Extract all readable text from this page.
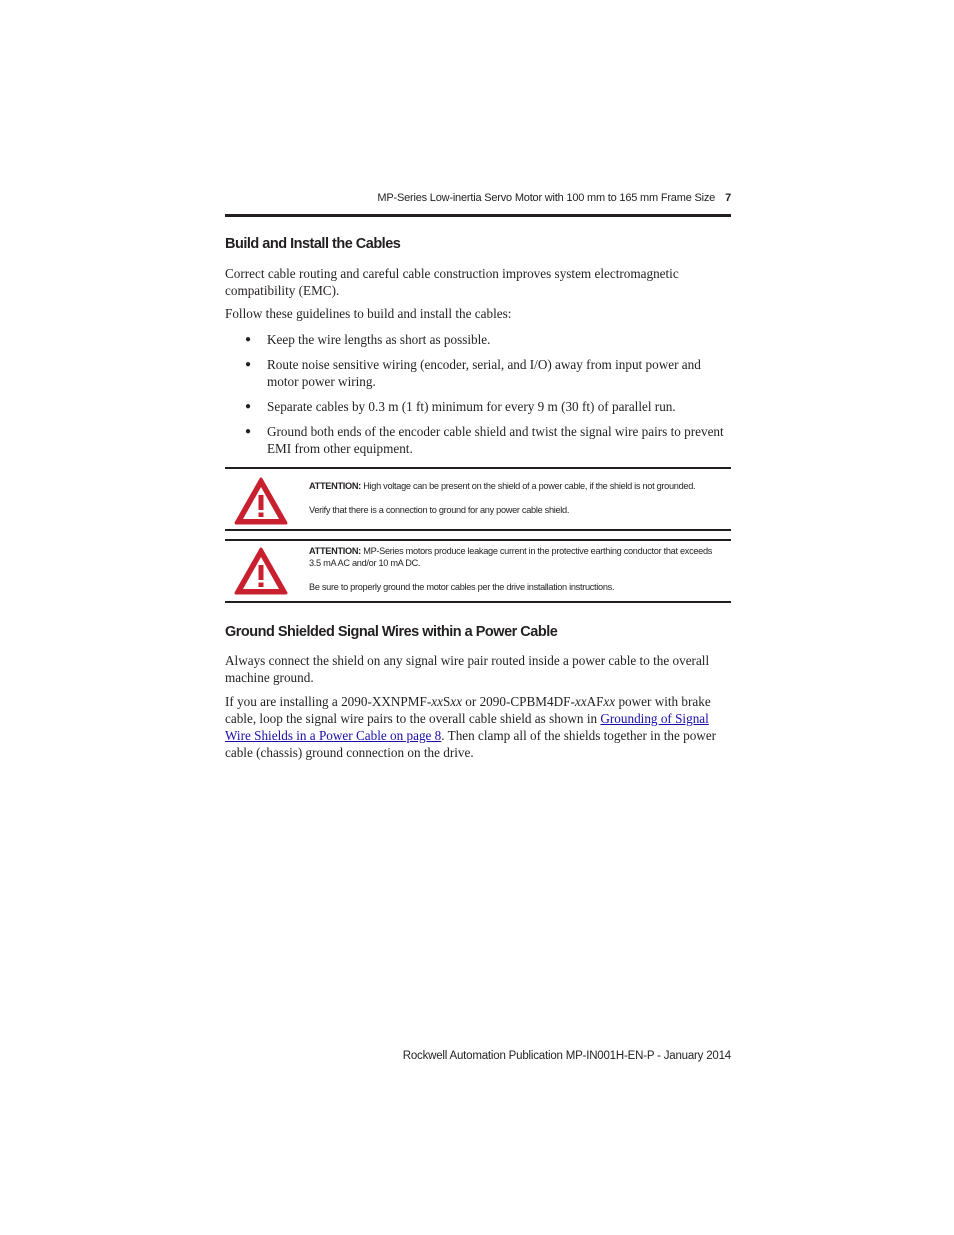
MP-Series Low-inertia Servo Motor with 100 mm to 165 mm Frame Size 7
Build and Install the Cables

Correct cable routing and careful cable construction improves system electromagnetic compatibility (EMC).

Follow these guidelines to build and install the cables:

● Keep the wire lengths as short as possible.
● Route noise sensitive wiring (encoder, serial, and I/O) away from input power and motor power wiring.
● Separate cables by 0.3 m (1 ft) minimum for every 9 m (30 ft) of parallel run.
● Ground both ends of the encoder cable shield and twist the signal wire pairs to prevent EMI from other equipment.
ATTENTION: High voltage can be present on the shield of a power cable, if the shield is not grounded.
Verify that there is a connection to ground for any power cable shield.
ATTENTION: MP-Series motors produce leakage current in the protective earthing conductor that exceeds 3.5 mA AC and/or 10 mA DC.
Be sure to properly ground the motor cables per the drive installation instructions.
Ground Shielded Signal Wires within a Power Cable

Always connect the shield on any signal wire pair routed inside a power cable to the overall machine ground.

If you are installing a 2090-XXNPMF-xxSxx or 2090-CPBM4DF-xxAFxx power with brake cable, loop the signal wire pairs to the overall cable shield as shown in Grounding of Signal Wire Shields in a Power Cable on page 8. Then clamp all of the shields together in the power cable (chassis) ground connection on the drive.

Rockwell Automation Publication MP-IN001H-EN-P - January 2014
